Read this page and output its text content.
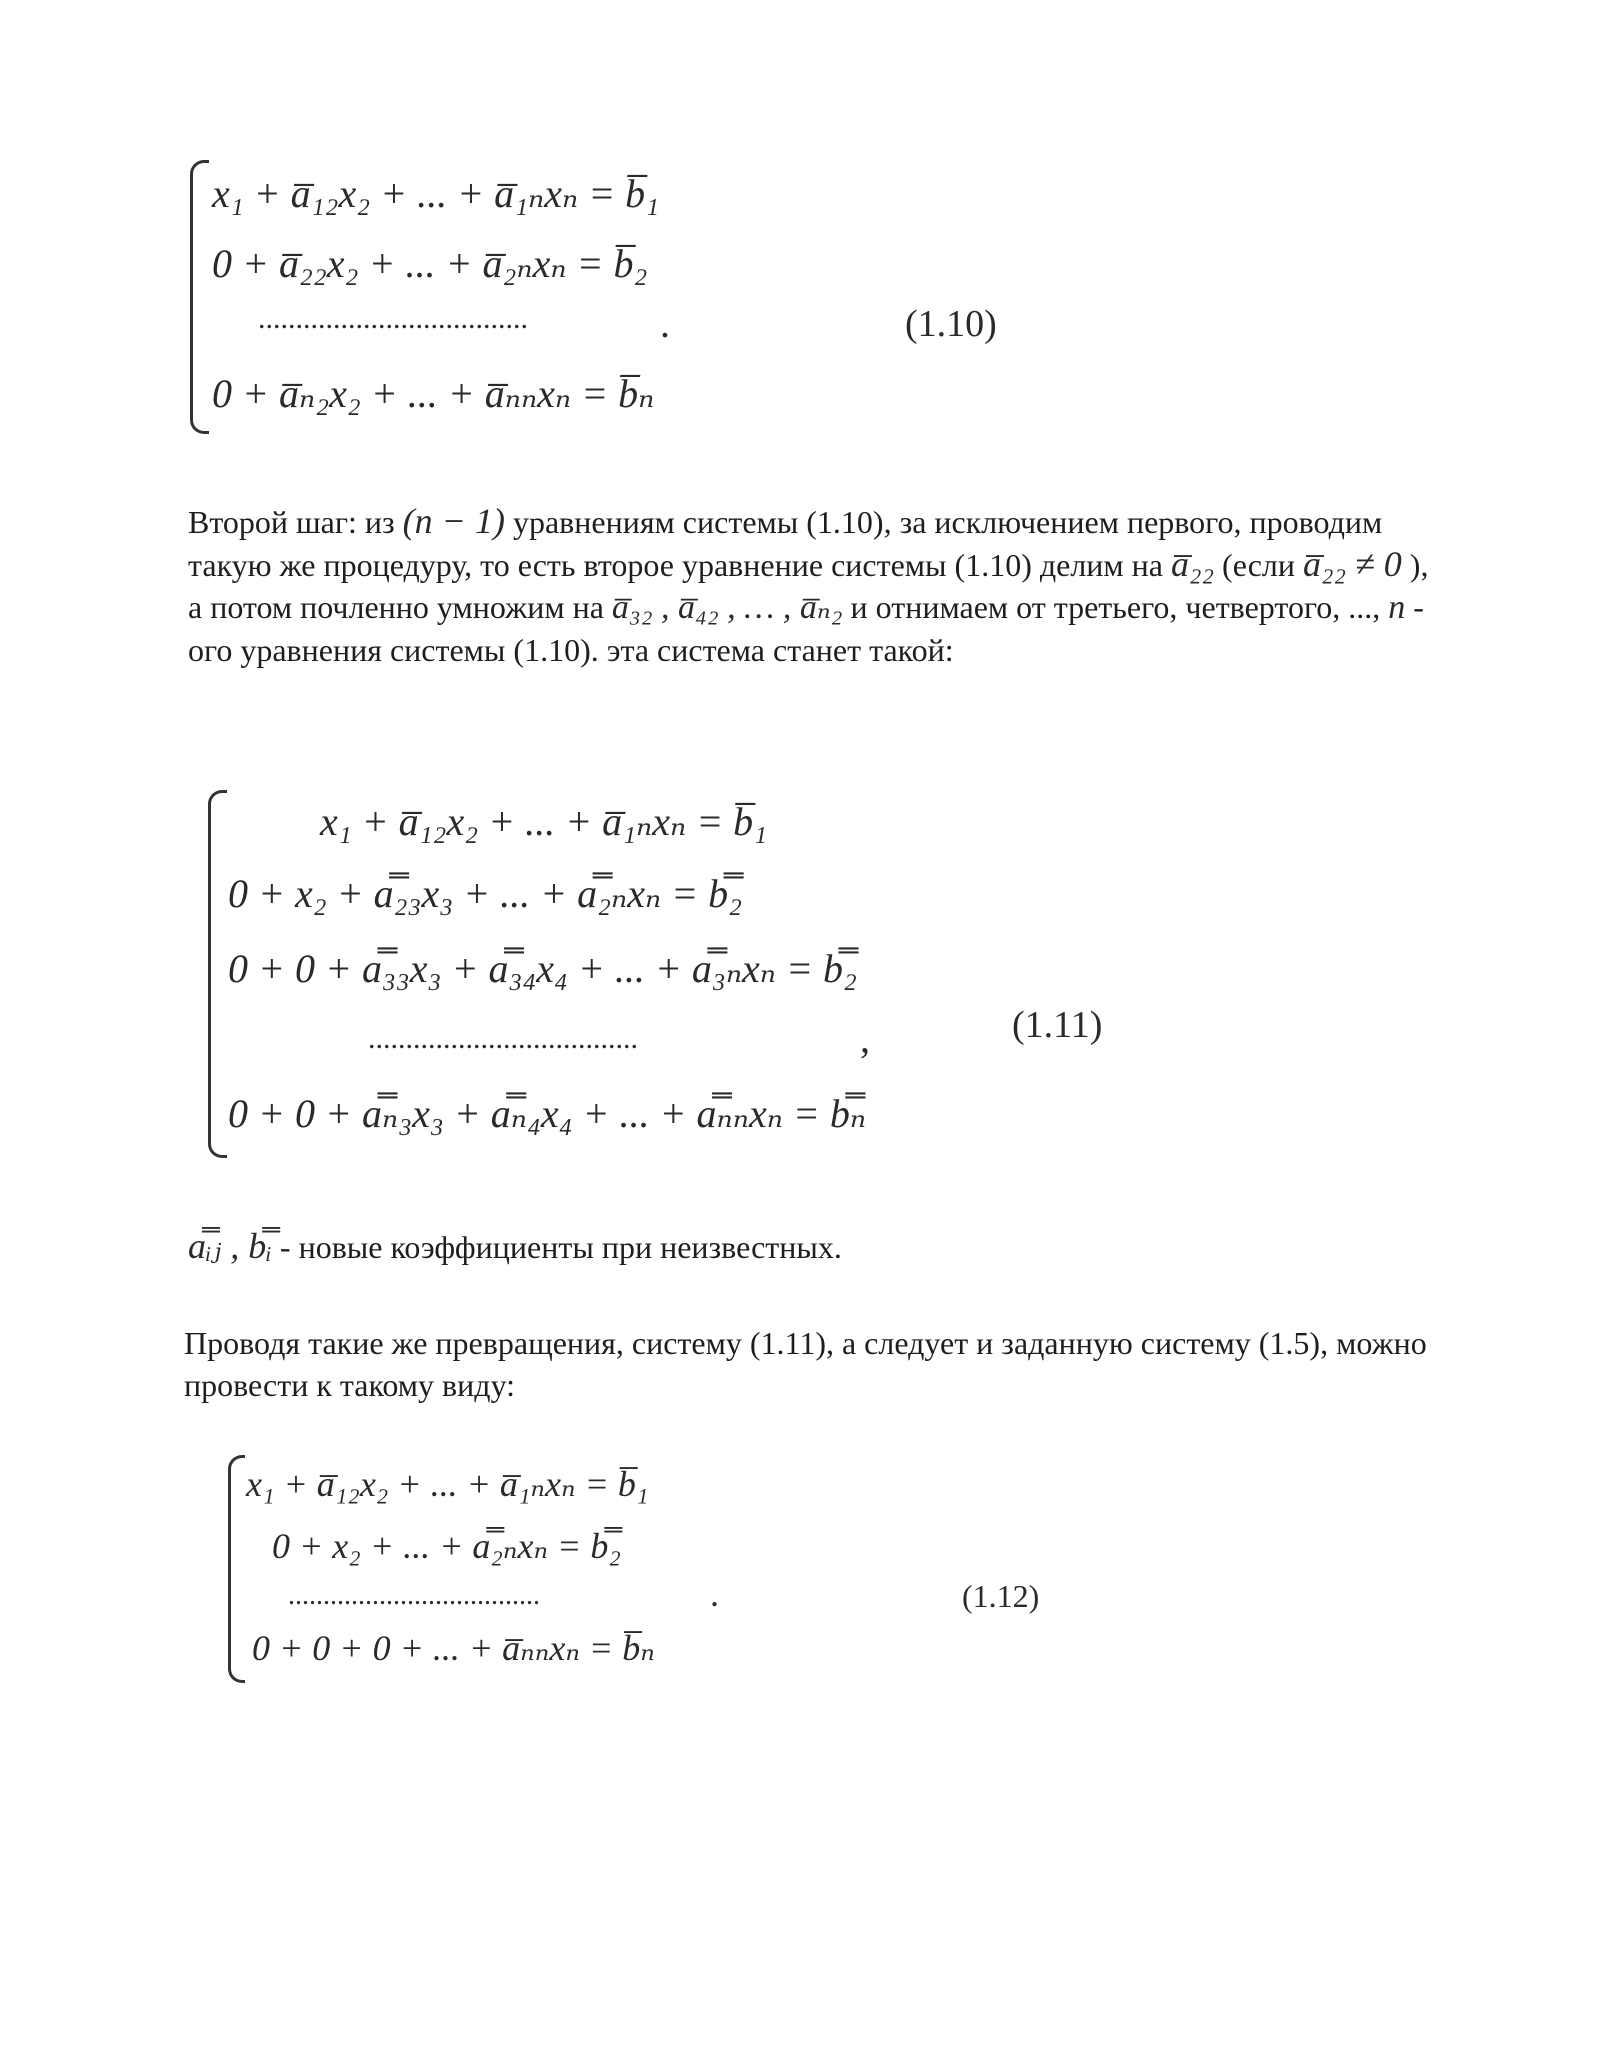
x₁ + a̅₁₂x₂ + ... + a̅₁ₙxₙ = b̅₁
0 + a̅₂₂x₂ + ... + a̅₂ₙxₙ = b̅₂
....................................
0 + a̅ₙ₂x₂ + ... + a̅ₙₙxₙ = b̅ₙ
.	(1.10)
Второй шаг: из (n − 1) уравнениям системы (1.10), за исключением первого, проводим такую же процедуру, то есть второе уравнение системы (1.10) делим на a̅₂₂ (если a̅₂₂ ≠ 0 ), а потом почленно умножим на a̅₃₂ , a̅₄₂ , … , a̅ₙ₂ и отнимаем от третьего, четвертого, ..., n - ого уравнения системы (1.10). эта система станет такой:
x₁ + a̅₁₂x₂ + ... + a̅₁ₙxₙ = b̅₁
0 + x₂ + a̿₂₃x₃ + ... + a̿₂ₙxₙ = b̿₂
0 + 0 + a̿₃₃x₃ + a̿₃₄x₄ + ... + a̿₃ₙxₙ = b̿₂
....................................
0 + 0 + a̿ₙ₃x₃ + a̿ₙ₄x₄ + ... + a̿ₙₙxₙ = b̿ₙ
,	(1.11)
a̿ᵢⱼ , b̿ᵢ - новые коэффициенты при неизвестных.
Проводя такие же превращения, систему (1.11), а следует и заданную систему (1.5), можно провести к такому виду:
x₁ + a̅₁₂x₂ + ... + a̅₁ₙxₙ = b̅₁
0 + x₂ + ... + a̿₂ₙxₙ = b̿₂
....................................
0 + 0 + 0 + ... + a̅ₙₙxₙ = b̅ₙ
.	(1.12)
